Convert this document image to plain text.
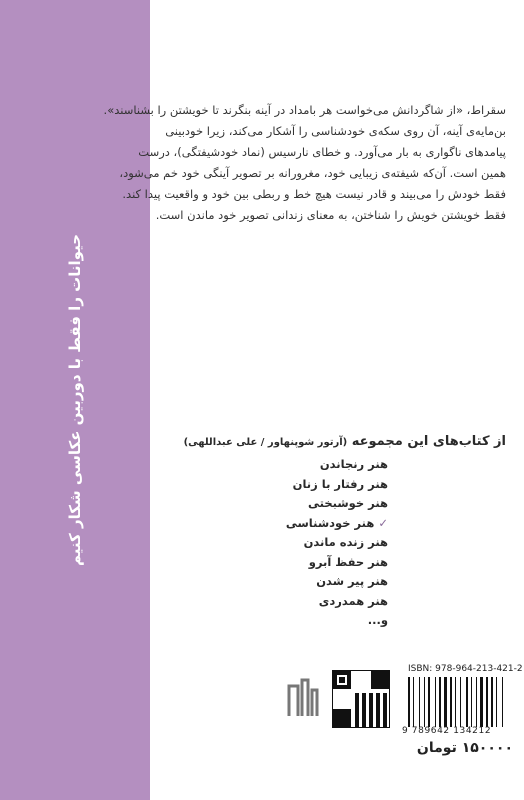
حیوانات را فقط با دوربین عکاسی شکار کنیم
سقراط، «از شاگردانش می‌خواست هر بامداد در آینه بنگرند تا خویشتن را بشناسند».
بن‌مایه‌ی آینه، آن روی سکه‌ی خودشناسی را آشکار می‌کند، زیرا خودبینی
پیامدهای ناگواری به بار می‌آورد. و خطای نارسیس (نماد خودشیفتگی)، درست
همین است. آن‌که شیفته‌ی زیبایی خود، مغرورانه بر تصویر آینگی خود خم می‌شود،
فقط خودش را می‌بیند و قادر نیست هیچ خط و ربطی بین خود و واقعیت پیدا کند.
فقط خویشتن خویش را شناختن، به معنای زندانی تصویر خود ماندن است.
از کتاب‌های این مجموعه (آرتور شوپنهاور / علی عبداللهی)
هنر رنجاندن
هنر رفتار با زنان
هنر خوشبختی
✓هنر خودشناسی
هنر زنده ماندن
هنر حفظ آبرو
هنر پیر شدن
هنر همدردی
و...
ISBN: 978-964-213-421-2
9 789642 134212
۱۵۰۰۰۰ تومان
